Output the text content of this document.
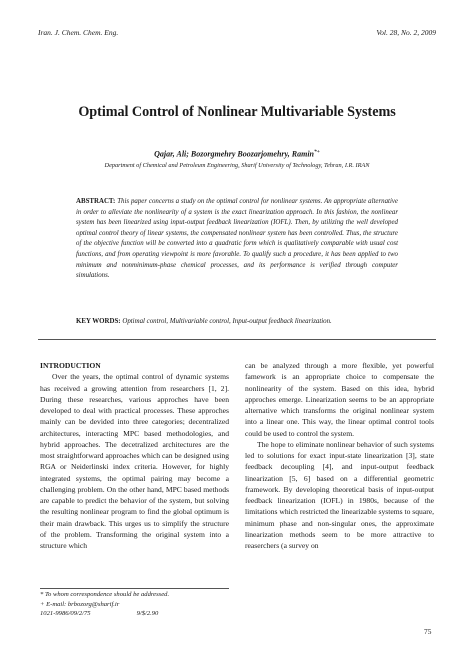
Iran. J. Chem. Chem. Eng.	Vol. 28, No. 2, 2009
Optimal Control of Nonlinear Multivariable Systems
Qajar, Ali; Bozorgmehry Boozarjomehry, Ramin*+
Department of Chemical and Petroleum Engineering, Sharif University of Technology, Tehran, I.R. IRAN
ABSTRACT: This paper concerns a study on the optimal control for nonlinear systems. An appropriate alternative in order to alleviate the nonlinearity of a system is the exact linearization approach. In this fashion, the nonlinear system has been linearized using input-output feedback linearization (IOFL). Then, by utilizing the well developed optimal control theory of linear systems, the compensated nonlinear system has been controlled. Thus, the structure of the objective function will be converted into a quadratic form which is qualitatively comparable with usual cost functions, and from operating viewpoint is more favorable. To qualify such a procedure, it has been applied to two minimum and nonminimum-phase chemical processes, and its performance is verified through computer simulations.
KEY WORDS: Optimal control, Multivariable control, Input-output feedback linearization.
INTRODUCTION

Over the years, the optimal control of dynamic systems has received a growing attention from researchers [1, 2]. During these researches, various approches have been developed to deal with practical processes. These approches mainly can be devided into three categories; decentralized architectures, interacting MPC based methodologies, and hybrid approaches. The decetralized architectures are the most straightforward approaches which can be designed using RGA or Neiderlinski index criteria. However, for highly integrated systems, the optimal pairing may become a challenging problem. On the other hand, MPC based methods are capable to predict the behavior of the system, but solving the resulting nonlinear program to find the global optimum is their main drawback. This urges us to simplify the structure of the problem. Transforming the original system into a structure which

can be analyzed through a more flexible, yet powerful famework is an appropriate choice to compensate the nonlinearity of the system. Based on this idea, hybrid approches emerge. Linearization seems to be an appropriate alternative which transforms the original nonlinear system into a linear one. This way, the linear optimal control tools could be used to control the system.

The hope to eliminate nonlinear behavior of such systems led to solutions for exact input-state linearization [3], state feedback decoupling [4], and input-output feedback linearization [5, 6] based on a differential geometric framework. By developing theoretical basis of input-output feedback linearization (IOFL) in 1980s, because of the limitations which restricted the linearizable systems to square, minimum phase and non-singular ones, the approximate linearization methods seem to be more attractive to reaserchers (a survey on

* To whom correspondence should be addressed.
+ E-mail: brbozorg@sharif.ir
1021-9986/09/2/75	9/$/2.90
75
